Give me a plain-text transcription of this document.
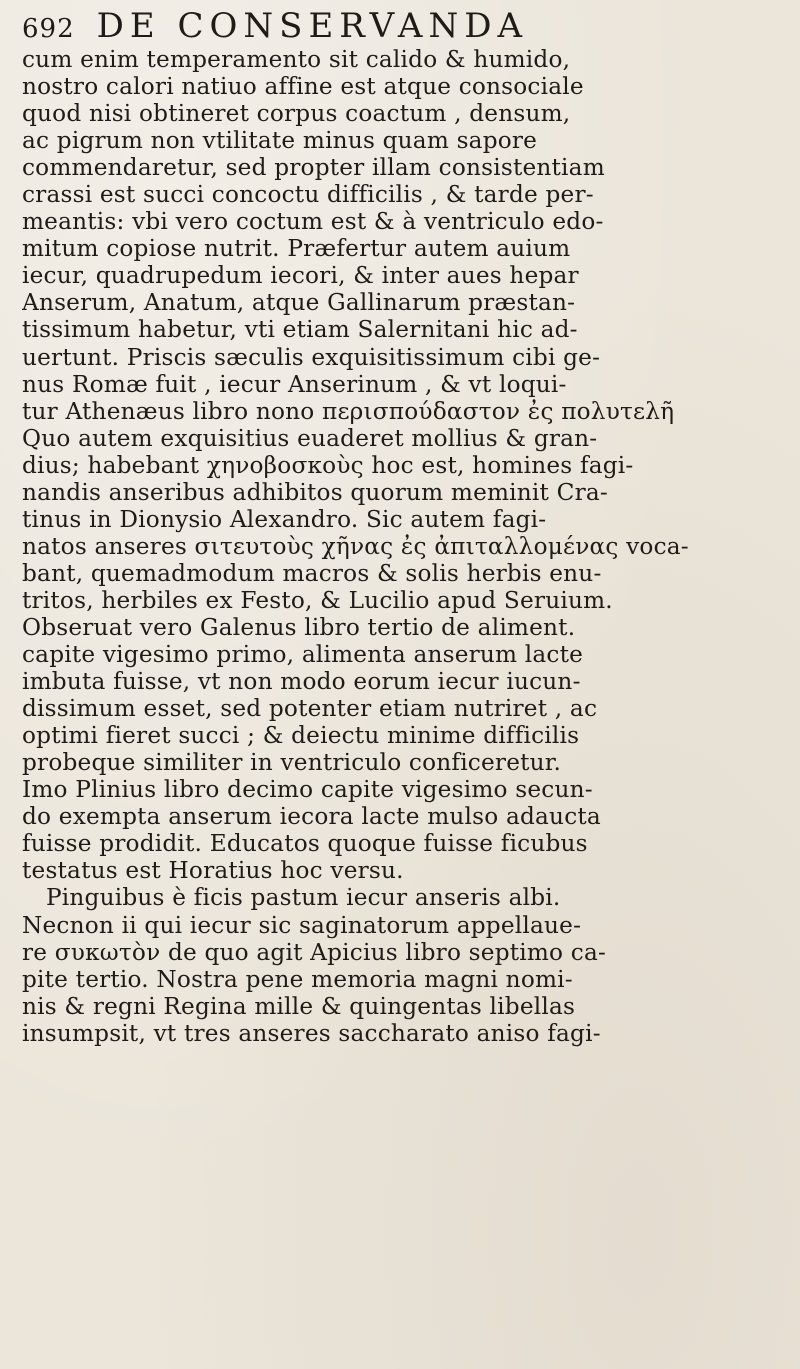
692 DE CONSERVANDA
cum enim temperamento sit calido & humido,
nostro calori natiuo affine est atque consociale
quod nisi obtineret corpus coactum , densum,
ac pigrum non vtilitate minus quam sapore
commendaretur, sed propter illam consistentiam
crassi est succi concoctu difficilis , & tarde per-
meantis: vbi vero coctum est & à ventriculo edo-
mitum copiose nutrit. Præfertur autem auium
iecur, quadrupedum iecori, & inter aues hepar
Anserum, Anatum, atque Gallinarum præstan-
tissimum habetur, vti etiam Salernitani hic ad-
uertunt. Priscis sæculis exquisitissimum cibi ge-
nus Romæ fuit , iecur Anserinum , & vt loqui-
tur Athenæus libro nono περισπούδαστον ἐς πολυτελῆ
Quo autem exquisitius euaderet mollius & gran-
dius; habebant χηνοβοσκοὺς hoc est, homines fagi-
nandis anseribus adhibitos quorum meminit Cra-
tinus in Dionysio Alexandro. Sic autem fagi-
natos anseres σιτευτοὺς χῆνας ἐς ἀπιταλλομένας voca-
bant, quemadmodum macros & solis herbis enu-
tritos, herbiles ex Festo, & Lucilio apud Seruium.
Obseruat vero Galenus libro tertio de aliment.
capite vigesimo primo, alimenta anserum lacte
imbuta fuisse, vt non modo eorum iecur iucun-
dissimum esset, sed potenter etiam nutriret , ac
optimi fieret succi ; & deiectu minime difficilis
probeque similiter in ventriculo conficeretur.
Imo Plinius libro decimo capite vigesimo secun-
do exempta anserum iecora lacte mulso adaucta
fuisse prodidit. Educatos quoque fuisse ficubus
testatus est Horatius hoc versu.
Pinguibus è ficis pastum iecur anseris albi.
Necnon ii qui iecur sic saginatorum appellaue-
re συκωτὸν de quo agit Apicius libro septimo ca-
pite tertio. Nostra pene memoria magni nomi-
nis & regni Regina mille & quingentas libellas
insumpsit, vt tres anseres saccharato aniso fagi-
